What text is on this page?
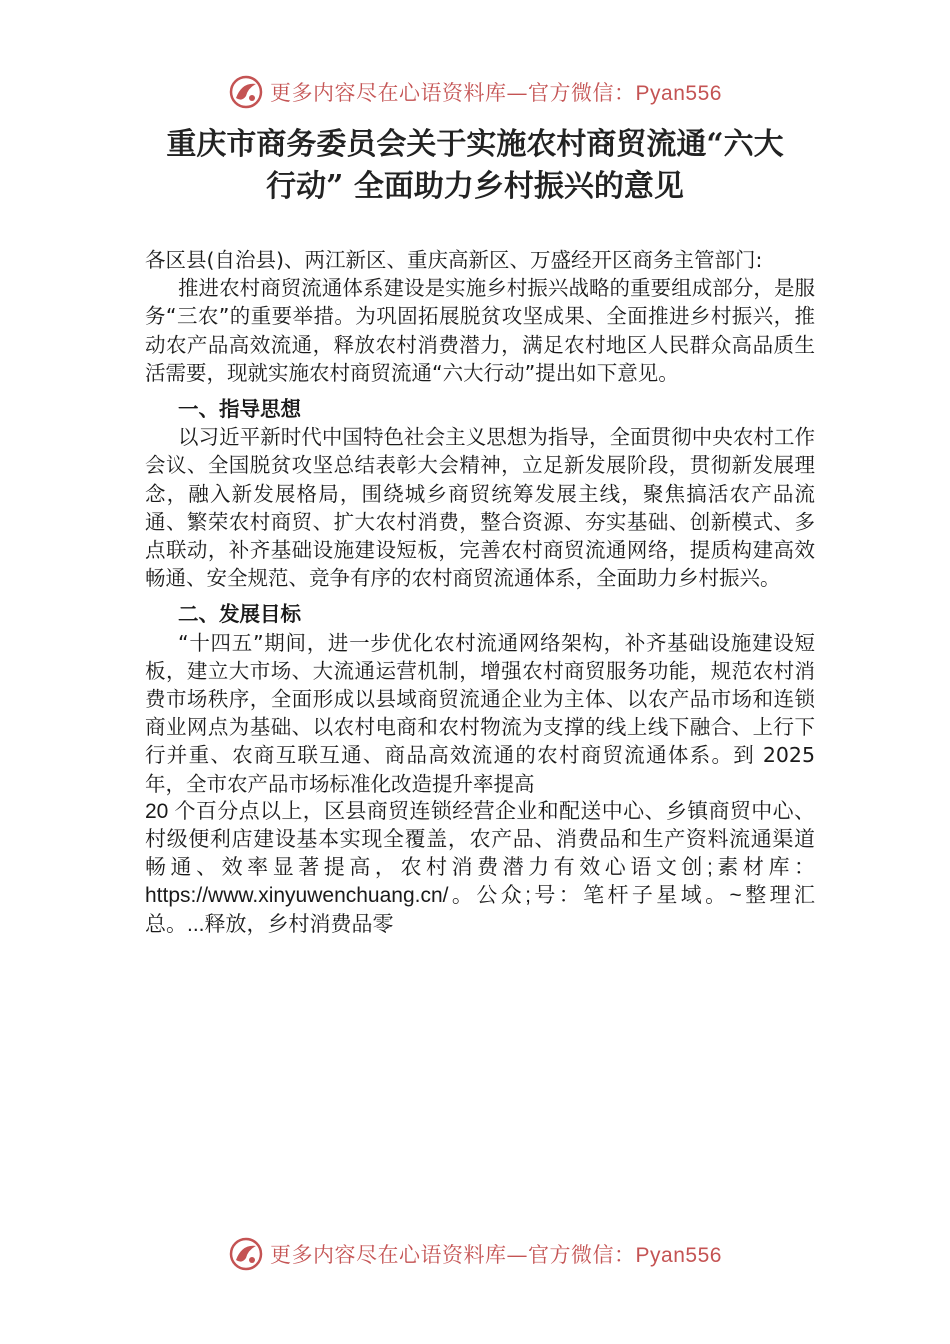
更多内容尽在心语资料库—官方微信：Pyan556
重庆市商务委员会关于实施农村商贸流通“六大
行动” 全面助力乡村振兴的意见

各区县(自治县)、两江新区、重庆高新区、万盛经开区商务主管部门:

推进农村商贸流通体系建设是实施乡村振兴战略的重要组成部分，是服务“三农”的重要举措。为巩固拓展脱贫攻坚成果、全面推进乡村振兴，推动农产品高效流通，释放农村消费潜力，满足农村地区人民群众高品质生活需要，现就实施农村商贸流通“六大行动”提出如下意见。

一、指导思想

以习近平新时代中国特色社会主义思想为指导，全面贯彻中央农村工作会议、全国脱贫攻坚总结表彰大会精神，立足新发展阶段，贯彻新发展理念，融入新发展格局，围绕城乡商贸统筹发展主线，聚焦搞活农产品流通、繁荣农村商贸、扩大农村消费，整合资源、夯实基础、创新模式、多点联动，补齐基础设施建设短板，完善农村商贸流通网络，提质构建高效畅通、安全规范、竞争有序的农村商贸流通体系，全面助力乡村振兴。

二、发展目标

“十四五”期间，进一步优化农村流通网络架构，补齐基础设施建设短板，建立大市场、大流通运营机制，增强农村商贸服务功能，规范农村消费市场秩序，全面形成以县域商贸流通企业为主体、以农产品市场和连锁商业网点为基础、以农村电商和农村物流为支撑的线上线下融合、上行下行并重、农商互联互通、商品高效流通的农村商贸流通体系。到 2025 年，全市农产品市场标准化改造提升率提高

20 个百分点以上，区县商贸连锁经营企业和配送中心、乡镇商贸中心、村级便利店建设基本实现全覆盖，农产品、消费品和生产资料流通渠道畅通、效率显著提高，农村消费潜力有效心语文创;素材库：https://www.xinyuwenchuang.cn/。公众;号：笔杆子星域。~整理汇总。...释放，乡村消费品零

更多内容尽在心语资料库—官方微信：Pyan556
